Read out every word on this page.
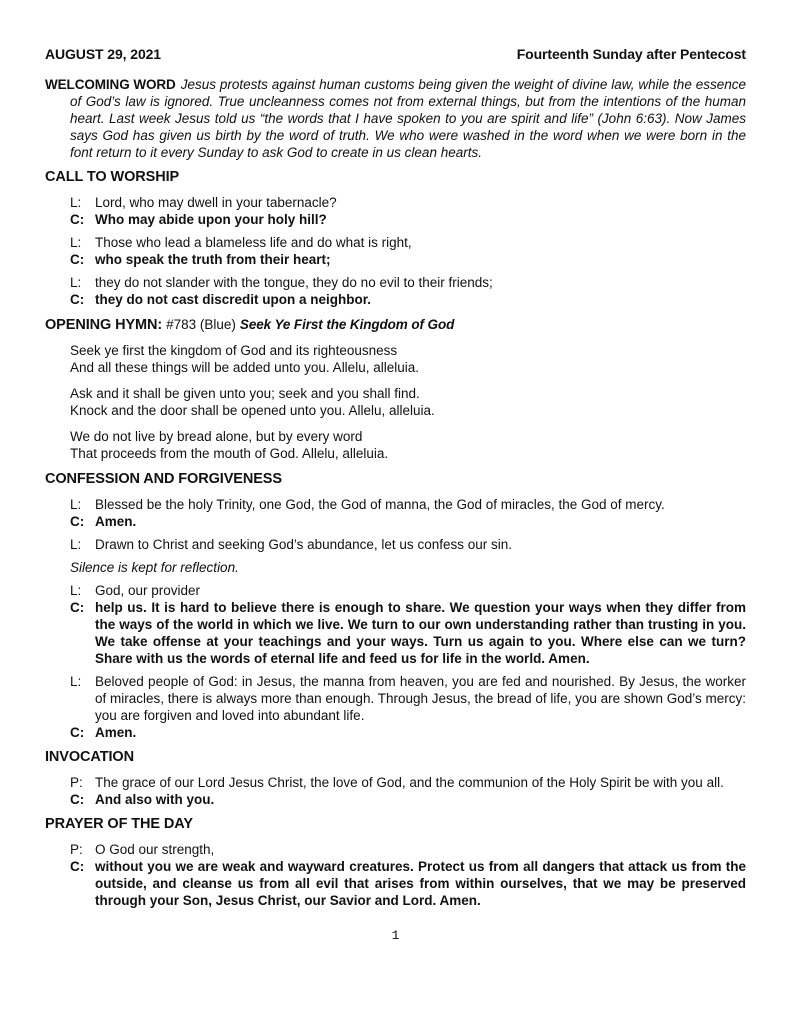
AUGUST 29, 2021	Fourteenth Sunday after Pentecost

WELCOMING WORD Jesus protests against human customs being given the weight of divine law, while the essence of God’s law is ignored. True uncleanness comes not from external things, but from the intentions of the human heart. Last week Jesus told us “the words that I have spoken to you are spirit and life” (John 6:63). Now James says God has given us birth by the word of truth. We who were washed in the word when we were born in the font return to it every Sunday to ask God to create in us clean hearts.

CALL TO WORSHIP
L:	Lord, who may dwell in your tabernacle?
C: Who may abide upon your holy hill?
L:	Those who lead a blameless life and do what is right,
C: who speak the truth from their heart;
L:	they do not slander with the tongue, they do no evil to their friends;
C: they do not cast discredit upon a neighbor.
OPENING HYMN: #783 (Blue) Seek Ye First the Kingdom of God
Seek ye first the kingdom of God and its righteousness
And all these things will be added unto you. Allelu, alleluia.
Ask and it shall be given unto you; seek and you shall find.
Knock and the door shall be opened unto you. Allelu, alleluia.
We do not live by bread alone, but by every word
That proceeds from the mouth of God. Allelu, alleluia.
CONFESSION AND FORGIVENESS
L:	Blessed be the holy Trinity, one God, the God of manna, the God of miracles, the God of mercy.
C: Amen.
L:	Drawn to Christ and seeking God’s abundance, let us confess our sin.
Silence is kept for reflection.
L:	God, our provider
C: help us. It is hard to believe there is enough to share. We question your ways when they differ from the ways of the world in which we live. We turn to our own understanding rather than trusting in you. We take offense at your teachings and your ways. Turn us again to you. Where else can we turn? Share with us the words of eternal life and feed us for life in the world. Amen.
L:	Beloved people of God: in Jesus, the manna from heaven, you are fed and nourished. By Jesus, the worker of miracles, there is always more than enough. Through Jesus, the bread of life, you are shown God’s mercy: you are forgiven and loved into abundant life.
C: Amen.
INVOCATION
P: The grace of our Lord Jesus Christ, the love of God, and the communion of the Holy Spirit be with you all.
C: And also with you.
PRAYER OF THE DAY
P: O God our strength,
C: without you we are weak and wayward creatures. Protect us from all dangers that attack us from the outside, and cleanse us from all evil that arises from within ourselves, that we may be preserved through your Son, Jesus Christ, our Savior and Lord. Amen.
1
